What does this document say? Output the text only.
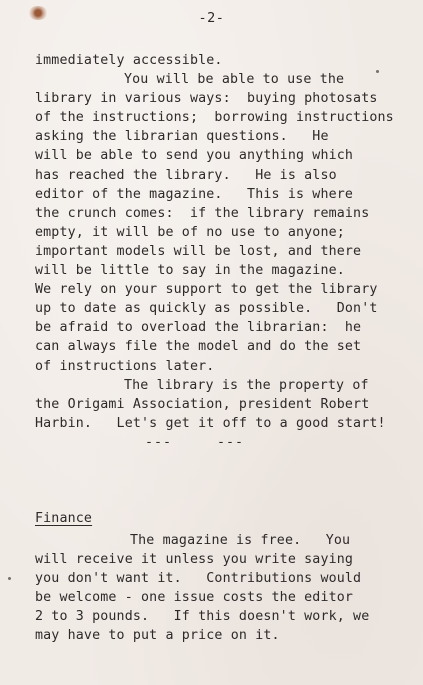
-2-
immediately accessible.
You will be able to use the
library in various ways:  buying photosats
of the instructions;  borrowing instructions
asking the librarian questions.   He
will be able to send you anything which
has reached the library.   He is also
editor of the magazine.   This is where
the crunch comes:  if the library remains
empty, it will be of no use to anyone;
important models will be lost, and there
will be little to say in the magazine.
We rely on your support to get the library
up to date as quickly as possible.   Don't
be afraid to overload the librarian:  he
can always file the model and do the set
of instructions later.
The library is the property of
the Origami Association, president Robert
Harbin.   Let's get it off to a good start!
---     ---
Finance
The magazine is free.   You
will receive it unless you write saying
you don't want it.   Contributions would
be welcome - one issue costs the editor
2 to 3 pounds.   If this doesn't work, we
may have to put a price on it.
